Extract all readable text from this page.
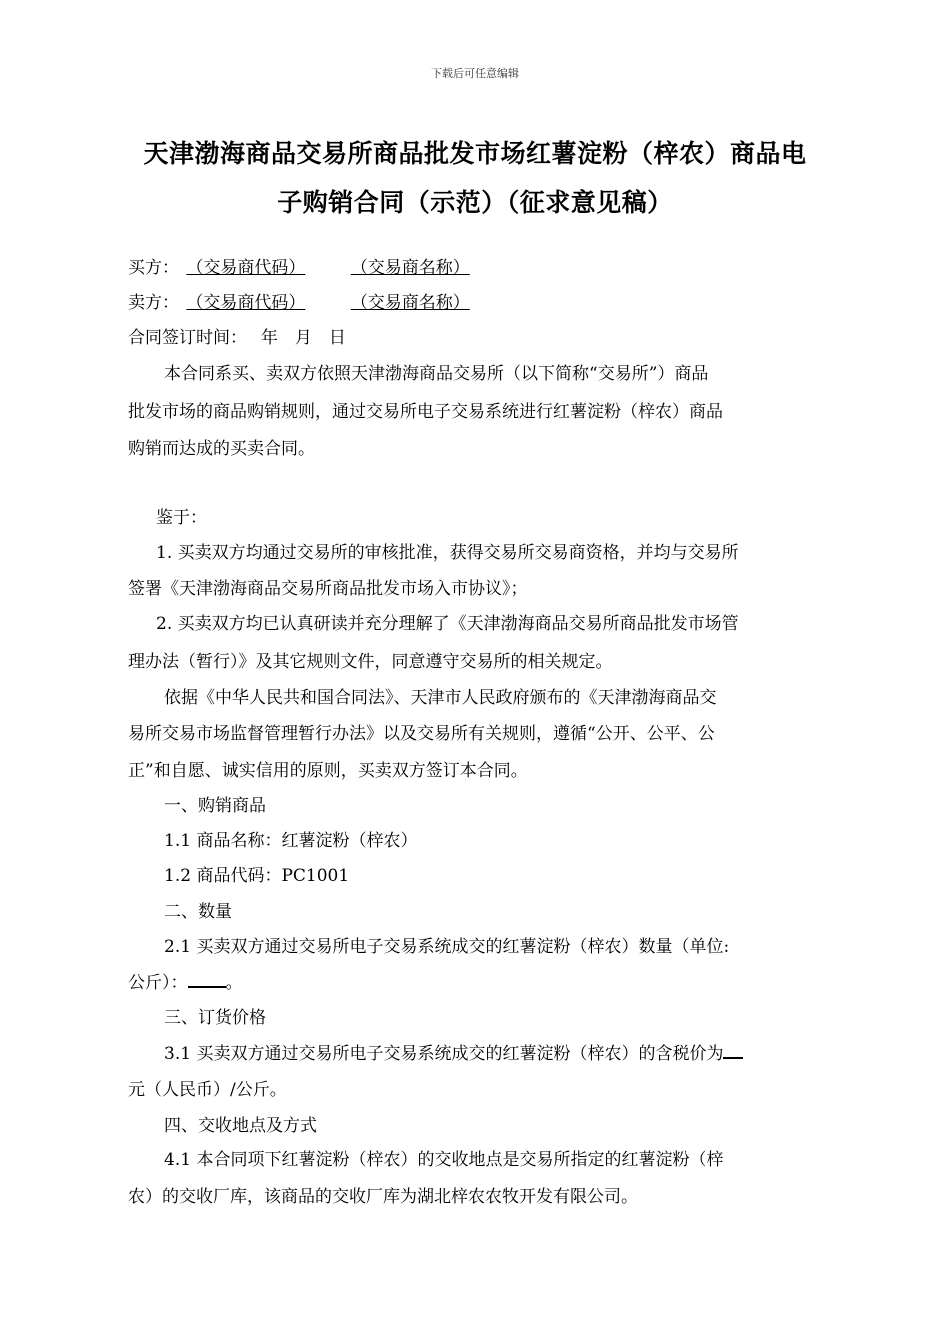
下载后可任意编辑
天津渤海商品交易所商品批发市场红薯淀粉（梓农）商品电
子购销合同（示范）（征求意见稿）
买方： （交易商代码）	（交易商名称）
卖方： （交易商代码）	（交易商名称）
合同签订时间：　 年　月　日
本合同系买、卖双方依照天津渤海商品交易所（以下简称“交易所”）商品
批发市场的商品购销规则，通过交易所电子交易系统进行红薯淀粉（梓农）商品
购销而达成的买卖合同。
鉴于：
1. 买卖双方均通过交易所的审核批准，获得交易所交易商资格，并均与交易所
签署《天津渤海商品交易所商品批发市场入市协议》；
2. 买卖双方均已认真研读并充分理解了《天津渤海商品交易所商品批发市场管
理办法（暂行）》及其它规则文件，同意遵守交易所的相关规定。
依据《中华人民共和国合同法》、天津市人民政府颁布的《天津渤海商品交
易所交易市场监督管理暂行办法》以及交易所有关规则，遵循“公开、公平、公
正”和自愿、诚实信用的原则，买卖双方签订本合同。
一、购销商品
1.1 商品名称：红薯淀粉（梓农）
1.2 商品代码：PC1001
二、数量
2.1 买卖双方通过交易所电子交易系统成交的红薯淀粉（梓农）数量（单位:
公斤）： 。
三、订货价格
3.1 买卖双方通过交易所电子交易系统成交的红薯淀粉（梓农）的含税价为
元（人民币）/公斤。
四、交收地点及方式
4.1 本合同项下红薯淀粉（梓农）的交收地点是交易所指定的红薯淀粉（梓
农）的交收厂库，该商品的交收厂库为湖北梓农农牧开发有限公司。
